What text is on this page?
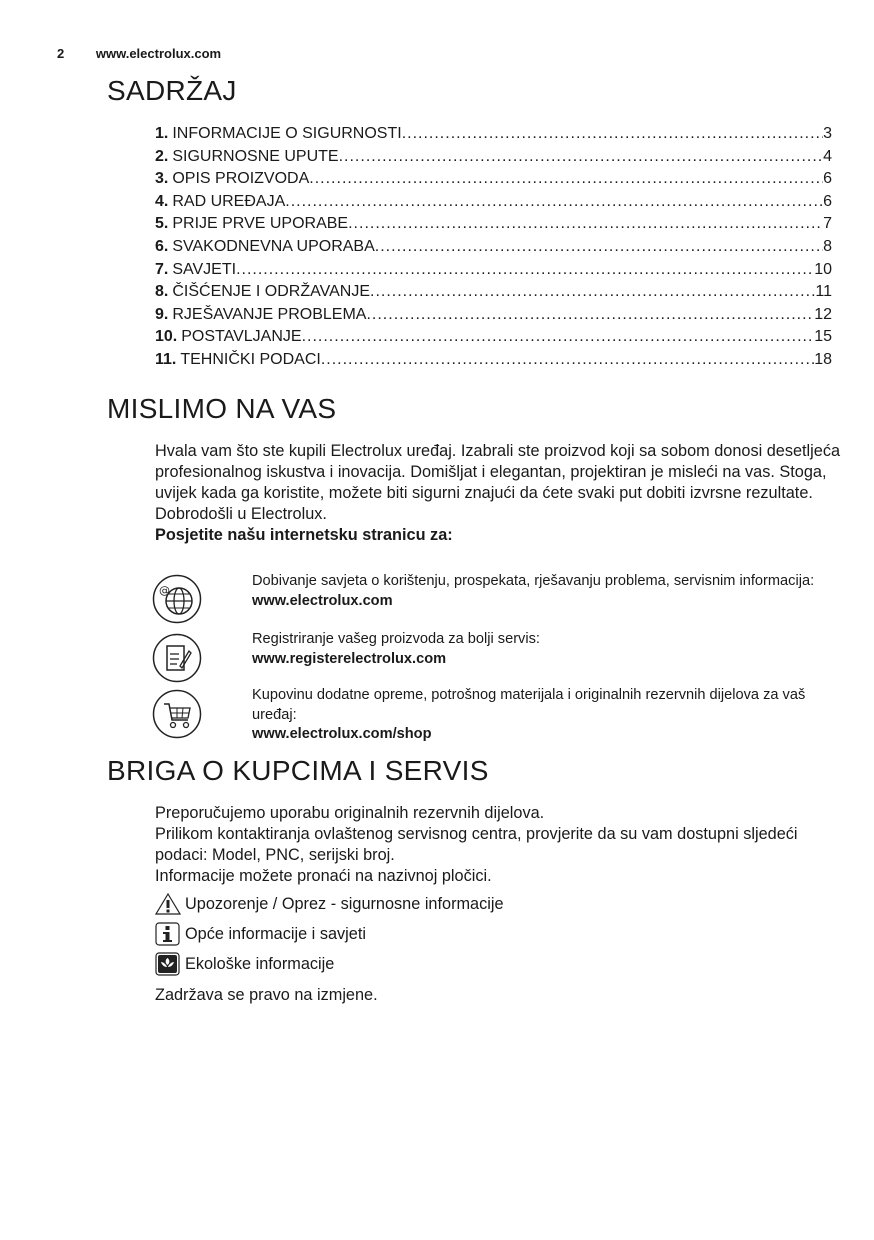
2 www.electrolux.com
SADRŽAJ
1. INFORMACIJE O SIGURNOSTI .....	3
2. SIGURNOSNE UPUTE .....	4
3. OPIS PROIZVODA .....	6
4. RAD UREĐAJA .....	6
5. PRIJE PRVE UPORABE .....	7
6. SVAKODNEVNA UPORABA .....	8
7. SAVJETI .....	10
8. ČIŠĆENJE I ODRŽAVANJE .....	11
9. RJEŠAVANJE PROBLEMA .....	12
10. POSTAVLJANJE .....	15
11. TEHNIČKI PODACI .....	18
MISLIMO NA VAS
Hvala vam što ste kupili Electrolux uređaj. Izabrali ste proizvod koji sa sobom donosi desetljeća profesionalnog iskustva i inovacija. Domišljat i elegantan, projektiran je misleći na vas. Stoga, uvijek kada ga koristite, možete biti sigurni znajući da ćete svaki put dobiti izvrsne rezultate.
Dobrodošli u Electrolux.
Posjetite našu internetsku stranicu za:
@
Dobivanje savjeta o korištenju, prospekata, rješavanju problema, servisnim informacija:
www.electrolux.com
Registriranje vašeg proizvoda za bolji servis:
www.registerelectrolux.com
Kupovinu dodatne opreme, potrošnog materijala i originalnih rezervnih dijelova za vaš uređaj:
www.electrolux.com/shop
BRIGA O KUPCIMA I SERVIS
Preporučujemo uporabu originalnih rezervnih dijelova.
Prilikom kontaktiranja ovlaštenog servisnog centra, provjerite da su vam dostupni sljedeći podaci: Model, PNC, serijski broj.
Informacije možete pronaći na nazivnoj pločici.
Upozorenje / Oprez - sigurnosne informacije
Opće informacije i savjeti
Ekološke informacije
Zadržava se pravo na izmjene.
